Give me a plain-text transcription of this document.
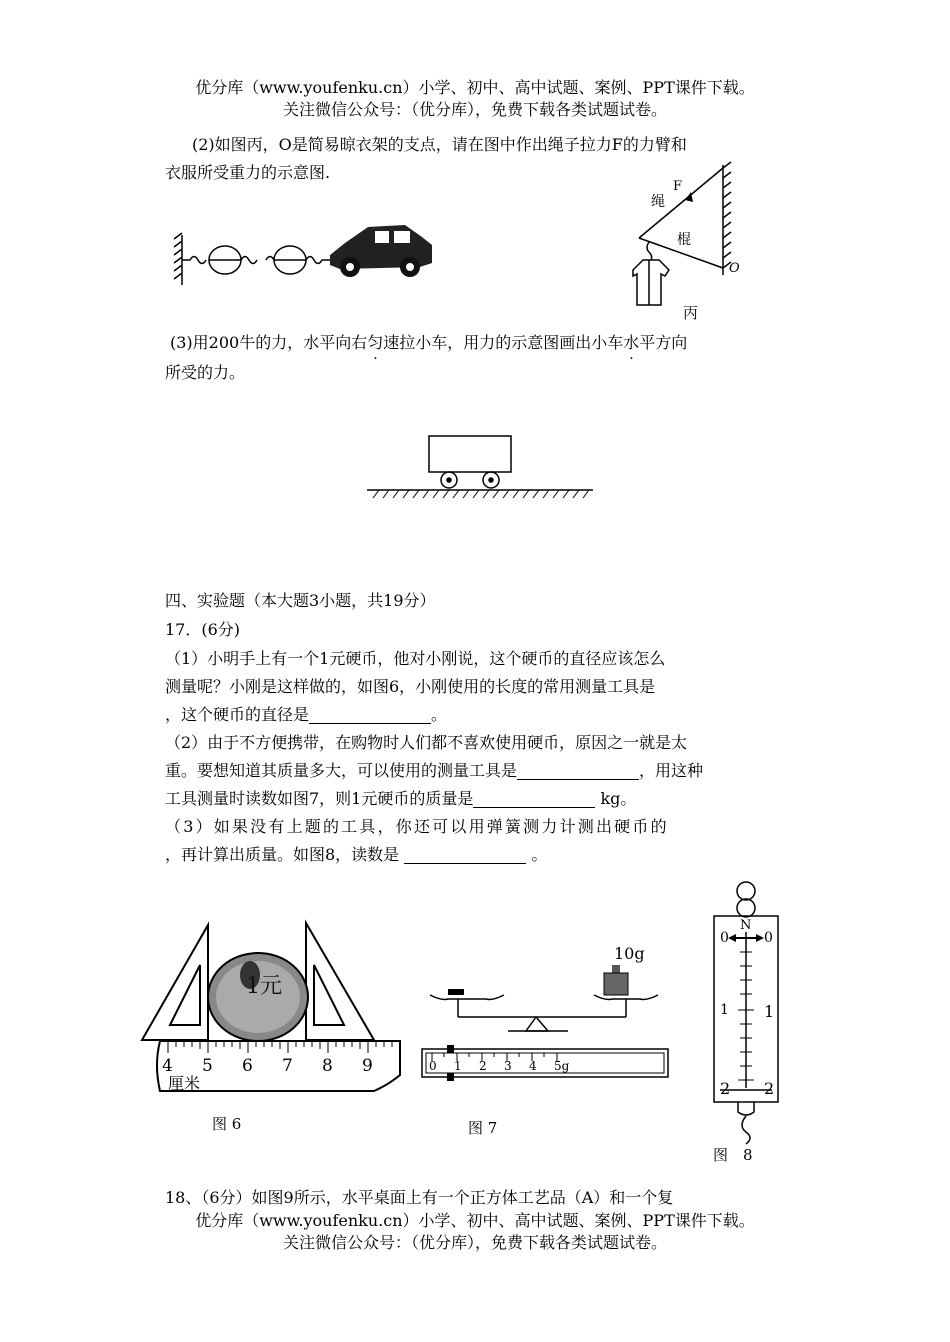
优分库（www.youfenku.cn）小学、初中、高中试题、案例、PPT课件下载。
关注微信公众号：（优分库），免费下载各类试题试卷。
(2)如图丙，O是简易晾衣架的支点，请在图中作出绳子拉力F的力臂和
衣服所受重力的示意图.
绳
F
棍
O
丙
(3)用200牛的力，水平向右匀速拉小车，用力的示意图画出小车水平方向
所受的力。
四、实验题（本大题3小题，共19分）
17．(6分)
（1）小明手上有一个1元硬币，他对小刚说，这个硬币的直径应该怎么
测量呢？小刚是这样做的，如图6，小刚使用的长度的常用测量工具是
，这个硬币的直径是	。
（2）由于不方便携带，在购物时人们都不喜欢使用硬币，原因之一就是太
重。要想知道其质量多大，可以使用的测量工具是	，用这种
工具测量时读数如图7，则1元硬币的质量是	kg。
（3）如果没有上题的工具，你还可以用弹簧测力计测出硬币的
，再计算出质量。如图8，读数是	。
1元
4 5 6 7 8 9
厘米
图 6
10g
0 1 2 3 4 5g
图 7
N
0
1
2
0
1
2
图　8
18、（6分）如图9所示，水平桌面上有一个正方体工艺品（A）和一个复
优分库（www.youfenku.cn）小学、初中、高中试题、案例、PPT课件下载。
关注微信公众号：（优分库），免费下载各类试题试卷。
